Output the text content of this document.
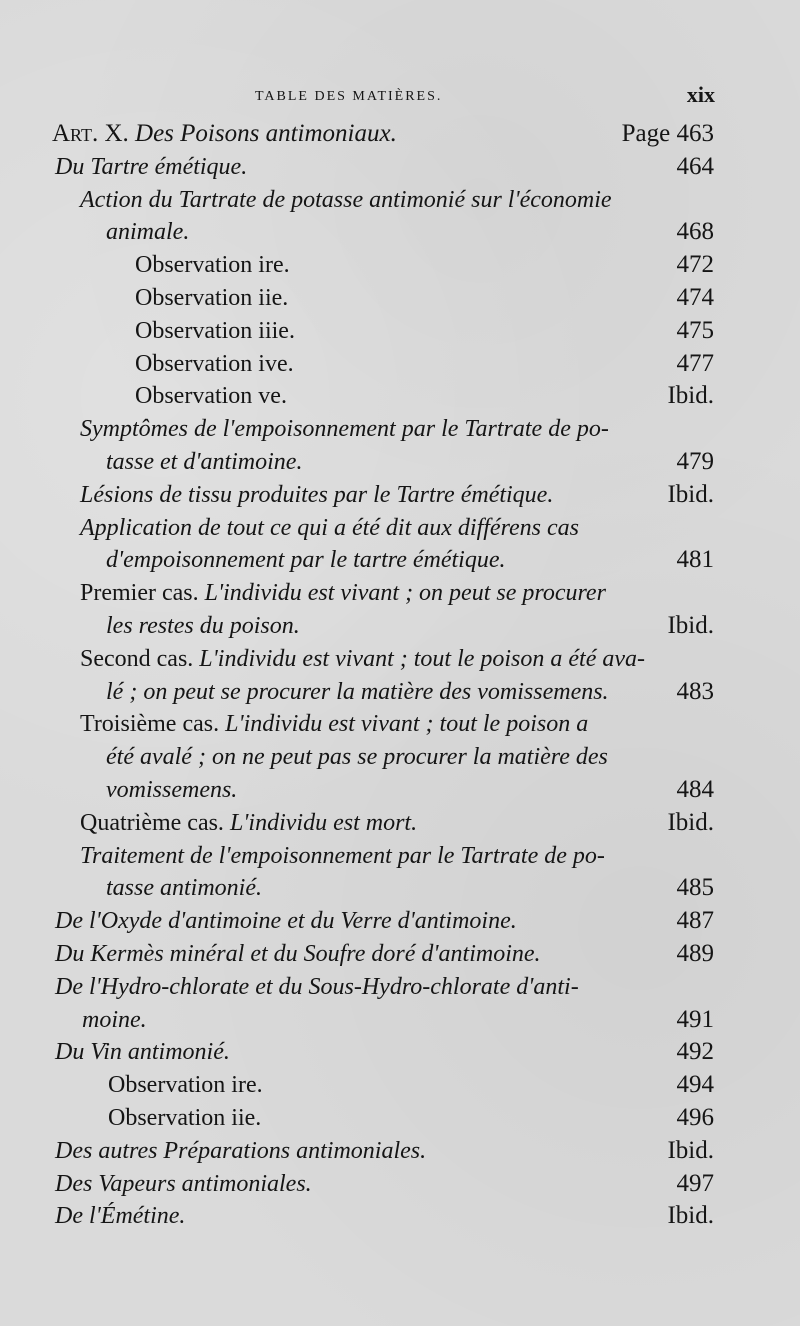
TABLE DES MATIÈRES.	xix
Art. X. Des Poisons antimoniaux.	Page 463
Du Tartre émétique.	464
Action du Tartrate de potasse antimonié sur l'économie
animale.	468
Observation ire.	472
Observation iie.	474
Observation iiie.	475
Observation ive.	477
Observation ve.	Ibid.
Symptômes de l'empoisonnement par le Tartrate de po-
tasse et d'antimoine.	479
Lésions de tissu produites par le Tartre émétique.	Ibid.
Application de tout ce qui a été dit aux différens cas
d'empoisonnement par le tartre émétique.	481
Premier cas. L'individu est vivant ; on peut se procurer
les restes du poison.	Ibid.
Second cas. L'individu est vivant ; tout le poison a été ava-
lé ; on peut se procurer la matière des vomissemens.	483
Troisième cas. L'individu est vivant ; tout le poison a
été avalé ; on ne peut pas se procurer la matière des
vomissemens.	484
Quatrième cas. L'individu est mort.	Ibid.
Traitement de l'empoisonnement par le Tartrate de po-
tasse antimonié.	485
De l'Oxyde d'antimoine et du Verre d'antimoine.	487
Du Kermès minéral et du Soufre doré d'antimoine.	489
De l'Hydro-chlorate et du Sous-Hydro-chlorate d'anti-
moine.	491
Du Vin antimonié.	492
Observation ire.	494
Observation iie.	496
Des autres Préparations antimoniales.	Ibid.
Des Vapeurs antimoniales.	497
De l'Émétine.	Ibid.
